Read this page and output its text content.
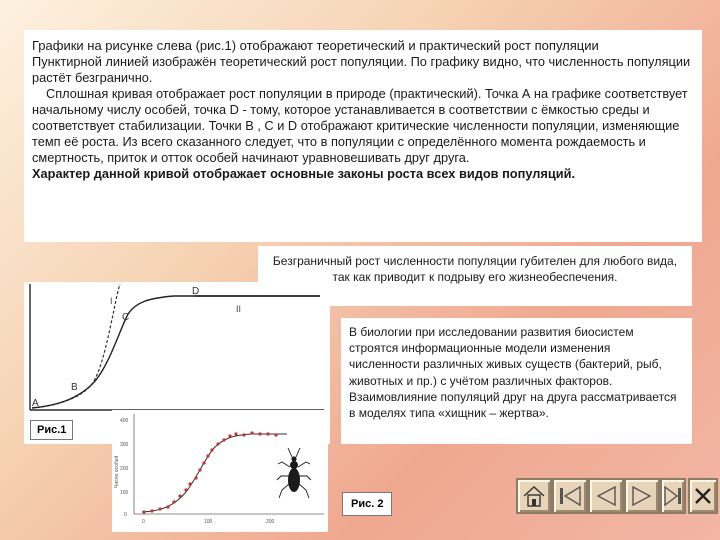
Графики на рисунке слева (рис.1) отображают теоретический и практический рост популяции

Пунктирной линией изображён теоретический рост популяции. По графику видно, что численность популяции растёт безгранично.

Сплошная кривая отображает рост популяции в природе (практический). Точка А на графике соответствует начальному числу особей, точка D - тому, которое устанавливается в соответствии с ёмкостью среды и соответствует стабилизации. Точки В , С и D отображают критические численности популяции, изменяющие темп её роста. Из всего сказанного следует, что в популяции с определённого момента рождаемость и смертность, приток и отток особей начинают уравновешивать друг друга.

Характер данной кривой отображает основные законы роста всех видов популяций.

Безграничный рост численности популяции губителен для любого вида, так как приводит к подрыву его жизнеобеспечения.
В биологии при исследовании развития биосистем строятся информационные модели изменения численности различных живых существ (бактерий, рыб, животных и пр.) с учётом различных факторов. Взаимовлияние популяций друг на друга рассматривается в моделях типа «хищник – жертва».
A
B
C
D
I
II
Рис.1
Число особей
400
300
200
100
0
0	100	200
Рис. 2
